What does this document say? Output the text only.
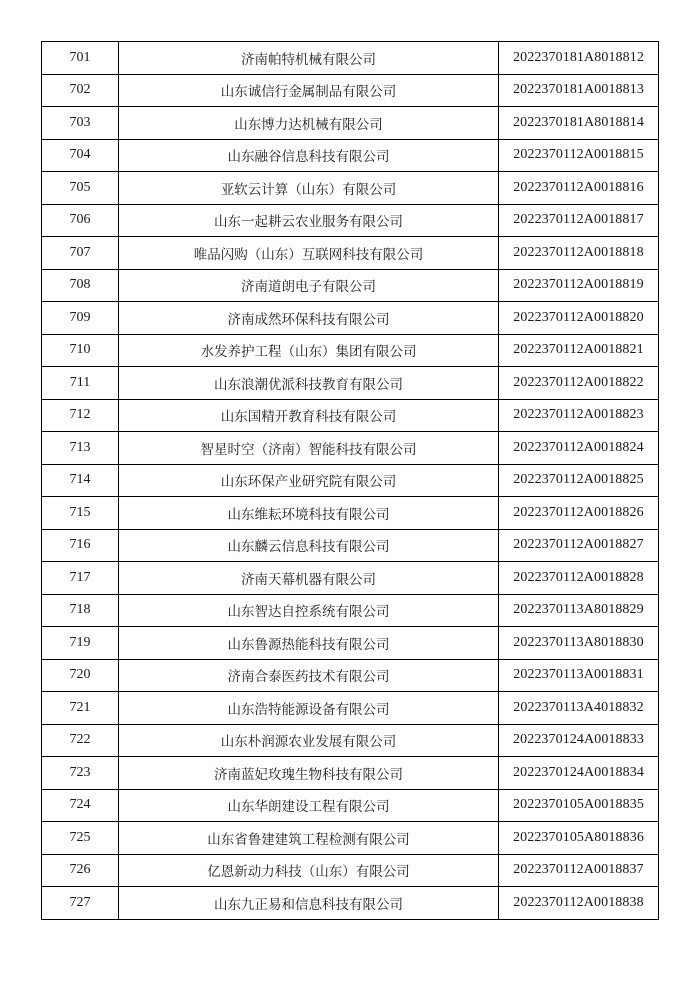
701	济南帕特机械有限公司	2022370181A8018812
702	山东诚信行金属制品有限公司	2022370181A0018813
703	山东博力达机械有限公司	2022370181A8018814
704	山东融谷信息科技有限公司	2022370112A0018815
705	亚软云计算（山东）有限公司	2022370112A0018816
706	山东一起耕云农业服务有限公司	2022370112A0018817
707	唯品闪购（山东）互联网科技有限公司	2022370112A0018818
708	济南道朗电子有限公司	2022370112A0018819
709	济南成然环保科技有限公司	2022370112A0018820
710	水发养护工程（山东）集团有限公司	2022370112A0018821
711	山东浪潮优派科技教育有限公司	2022370112A0018822
712	山东国精开教育科技有限公司	2022370112A0018823
713	智星时空（济南）智能科技有限公司	2022370112A0018824
714	山东环保产业研究院有限公司	2022370112A0018825
715	山东维耘环境科技有限公司	2022370112A0018826
716	山东麟云信息科技有限公司	2022370112A0018827
717	济南天幕机器有限公司	2022370112A0018828
718	山东智达自控系统有限公司	2022370113A8018829
719	山东鲁源热能科技有限公司	2022370113A8018830
720	济南合泰医药技术有限公司	2022370113A0018831
721	山东浩特能源设备有限公司	2022370113A4018832
722	山东朴润源农业发展有限公司	2022370124A0018833
723	济南蓝妃玫瑰生物科技有限公司	2022370124A0018834
724	山东华朗建设工程有限公司	2022370105A0018835
725	山东省鲁建建筑工程检测有限公司	2022370105A8018836
726	亿恩新动力科技（山东）有限公司	2022370112A0018837
727	山东九正易和信息科技有限公司	2022370112A0018838
